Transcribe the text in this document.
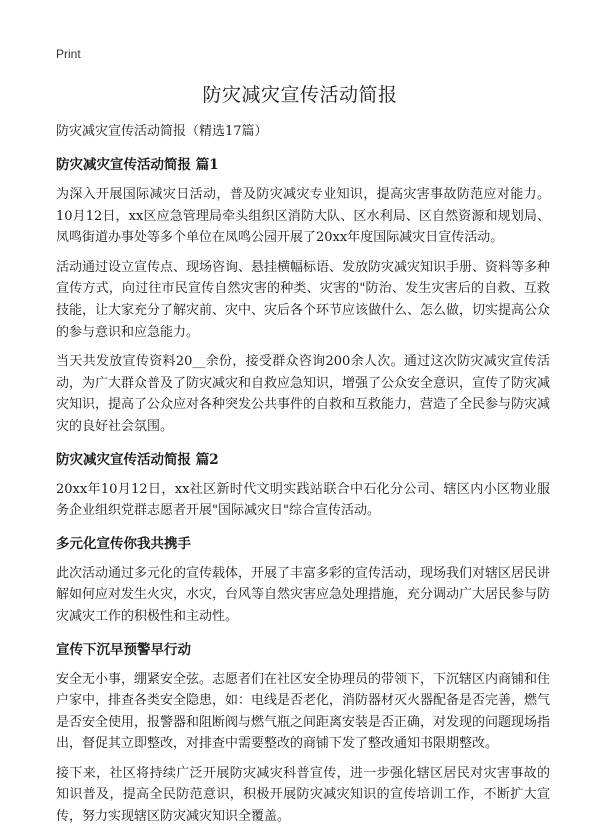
Print
防灾减灾宣传活动简报

防灾减灾宣传活动简报（精选17篇）

防灾减灾宣传活动简报 篇1

为深入开展国际减灾日活动，普及防灾减灾专业知识，提高灾害事故防范应对能力。10月12日，xx区应急管理局牵头组织区消防大队、区水利局、区自然资源和规划局、凤鸣街道办事处等多个单位在凤鸣公园开展了20xx年度国际减灾日宣传活动。

活动通过设立宣传点、现场咨询、悬挂横幅标语、发放防灾减灾知识手册、资料等多种宣传方式，向过往市民宣传自然灾害的种类、灾害的"防治、发生灾害后的自救、互救技能，让大家充分了解灾前、灾中、灾后各个环节应该做什么、怎么做，切实提高公众的参与意识和应急能力。

当天共发放宣传资料20__余份，接受群众咨询200余人次。通过这次防灾减灾宣传活动，为广大群众普及了防灾减灾和自救应急知识，增强了公众安全意识，宣传了防灾减灾知识，提高了公众应对各种突发公共事件的自救和互救能力，营造了全民参与防灾减灾的良好社会氛围。

防灾减灾宣传活动简报 篇2

20xx年10月12日，xx社区新时代文明实践站联合中石化分公司、辖区内小区物业服务企业组织党群志愿者开展"国际减灾日"综合宣传活动。

多元化宣传你我共携手

此次活动通过多元化的宣传载体，开展了丰富多彩的宣传活动，现场我们对辖区居民讲解如何应对发生火灾，水灾，台风等自然灾害应急处理措施，充分调动广大居民参与防灾减灾工作的积极性和主动性。

宣传下沉早预警早行动

安全无小事，绷紧安全弦。志愿者们在社区安全协理员的带领下，下沉辖区内商铺和住户家中，排查各类安全隐患，如：电线是否老化，消防器材灭火器配备是否完善，燃气是否安全使用，报警器和阻断阀与燃气瓶之间距离安装是否正确，对发现的问题现场指出，督促其立即整改，对排查中需要整改的商铺下发了整改通知书限期整改。

接下来，社区将持续广泛开展防灾减灾科普宣传，进一步强化辖区居民对灾害事故的 知识普及，提高全民防范意识，积极开展防灾减灾知识的宣传培训工作，不断扩大宣传，努力实现辖区防灾减灾知识全覆盖。
